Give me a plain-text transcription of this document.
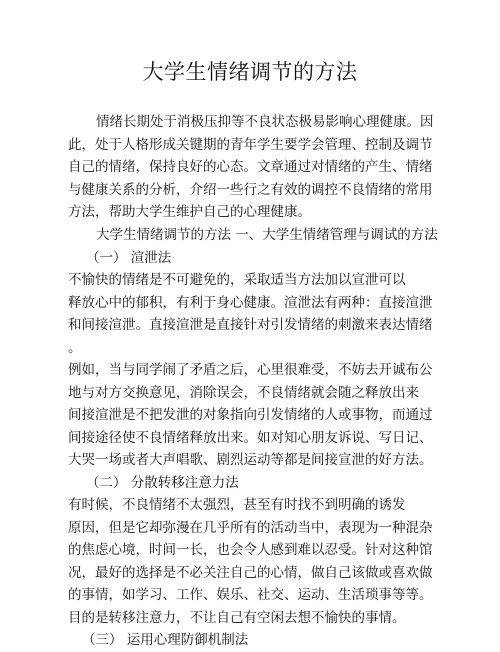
大学生情绪调节的方法
情绪长期处于消极压抑等不良状态极易影响心理健康。因
此，处于人格形成关键期的青年学生要学会管理、控制及调节
自己的情绪，保持良好的心态。文章通过对情绪的产生、情绪
与健康关系的分析，介绍一些行之有效的调控不良情绪的常用
方法，帮助大学生维护自己的心理健康。
大学生情绪调节的方法 一、大学生情绪管理与调试的方法
（一） 渲泄法
不愉快的情绪是不可避免的，采取适当方法加以宣泄可以
释放心中的郁积，有利于身心健康。渲泄法有两种：直接渲泄
和间接渲泄。直接渲泄是直接针对引发情绪的刺激来表达情绪
。
例如，当与同学闹了矛盾之后，心里很难受，不妨去开诚布公
地与对方交换意见，消除误会，不良情绪就会随之释放出来
间接渲泄是不把发泄的对象指向引发情绪的人或事物，而通过
间接途径使不良情绪释放出来。如对知心朋友诉说、写日记、
大哭一场或者大声唱歌、剧烈运动等都是间接宣泄的好方法。
（二） 分散转移注意力法
有时候，不良情绪不太强烈，甚至有时找不到明确的诱发
原因，但是它却弥漫在几乎所有的活动当中，表现为一种混杂
的焦虑心境，时间一长，也会令人感到难以忍受。针对这种馆
况，最好的选择是不必关注自己的心情，做自己该做或喜欢做
的事情，如学习、工作、娱乐、社交、运动、生活琐事等等。
目的是转移注意力，不让自己有空闲去想不愉快的事情。
（三） 运用心理防御机制法
